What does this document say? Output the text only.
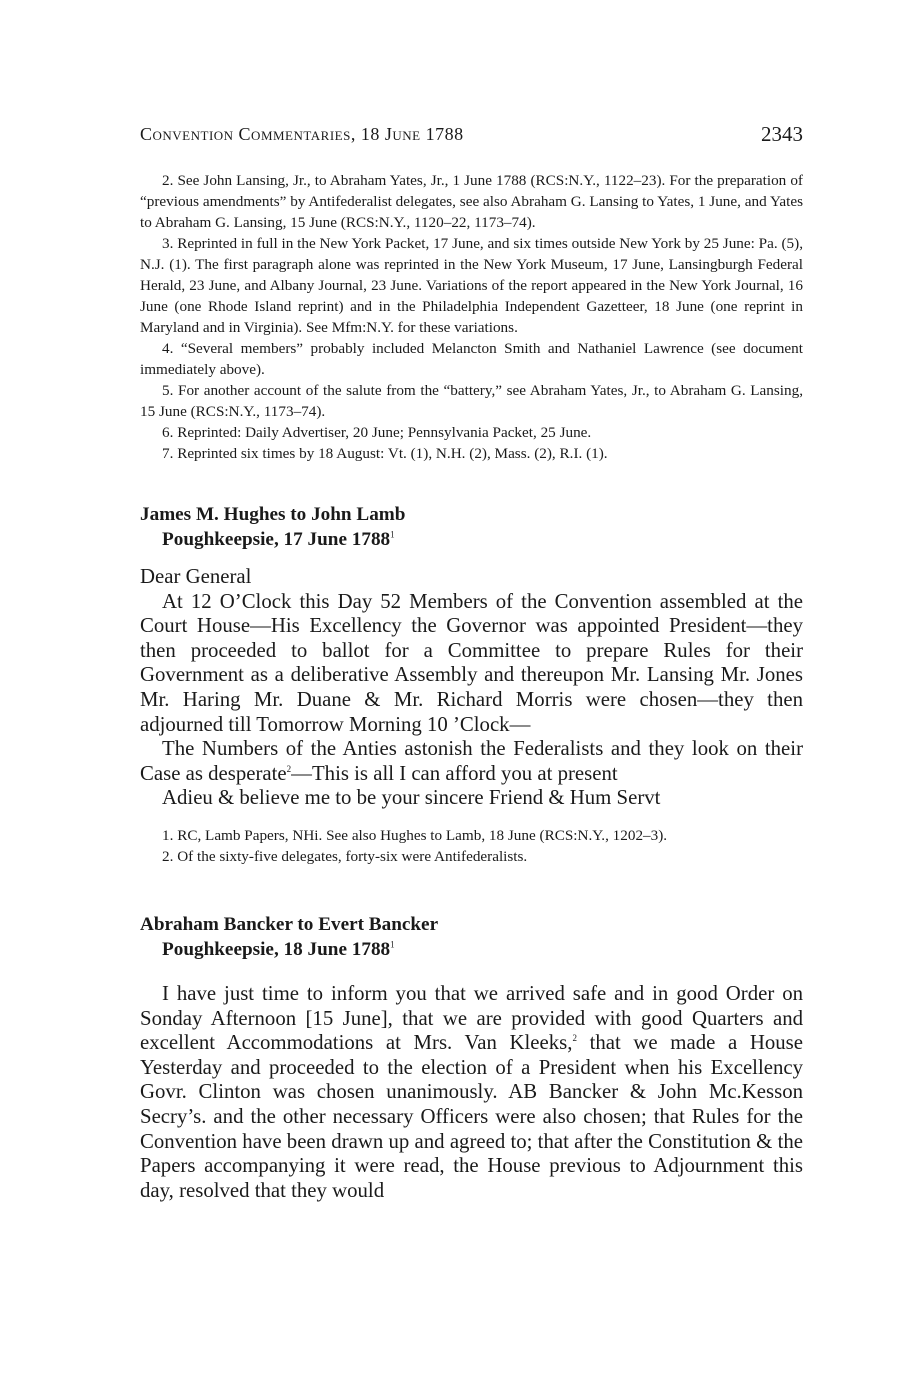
Convention Commentaries, 18 June 1788	2343

2. See John Lansing, Jr., to Abraham Yates, Jr., 1 June 1788 (RCS:N.Y., 1122–23). For the preparation of “previous amendments” by Antifederalist delegates, see also Abraham G. Lansing to Yates, 1 June, and Yates to Abraham G. Lansing, 15 June (RCS:N.Y., 1120–22, 1173–74).

3. Reprinted in full in the New York Packet, 17 June, and six times outside New York by 25 June: Pa. (5), N.J. (1). The first paragraph alone was reprinted in the New York Museum, 17 June, Lansingburgh Federal Herald, 23 June, and Albany Journal, 23 June. Variations of the report appeared in the New York Journal, 16 June (one Rhode Island reprint) and in the Philadelphia Independent Gazetteer, 18 June (one reprint in Maryland and in Virginia). See Mfm:N.Y. for these variations.

4. “Several members” probably included Melancton Smith and Nathaniel Lawrence (see document immediately above).

5. For another account of the salute from the “battery,” see Abraham Yates, Jr., to Abraham G. Lansing, 15 June (RCS:N.Y., 1173–74).

6. Reprinted: Daily Advertiser, 20 June; Pennsylvania Packet, 25 June.

7. Reprinted six times by 18 August: Vt. (1), N.H. (2), Mass. (2), R.I. (1).

James M. Hughes to John Lamb
Poughkeepsie, 17 June 1788$^1$

Dear General

At 12 O’Clock this Day 52 Members of the Convention assembled at the Court House—His Excellency the Governor was appointed President—they then proceeded to ballot for a Committee to prepare Rules for their Government as a deliberative Assembly and thereupon Mr. Lansing Mr. Jones Mr. Haring Mr. Duane & Mr. Richard Morris were chosen—they then adjourned till Tomorrow Morning 10 ’Clock—

The Numbers of the Anties astonish the Federalists and they look on their Case as desperate$^2$—This is all I can afford you at present

Adieu & believe me to be your sincere Friend & Hum Servt

1. RC, Lamb Papers, NHi. See also Hughes to Lamb, 18 June (RCS:N.Y., 1202–3).

2. Of the sixty-five delegates, forty-six were Antifederalists.

Abraham Bancker to Evert Bancker
Poughkeepsie, 18 June 1788$^1$

I have just time to inform you that we arrived safe and in good Order on Sonday Afternoon [15 June], that we are provided with good Quarters and excellent Accommodations at Mrs. Van Kleeks,$^2$ that we made a House Yesterday and proceeded to the election of a President when his Excellency Govr. Clinton was chosen unanimously. AB Bancker & John Mc.Kesson Secry’s. and the other necessary Officers were also chosen; that Rules for the Convention have been drawn up and agreed to; that after the Constitution & the Papers accompanying it were read, the House previous to Adjournment this day, resolved that they would
